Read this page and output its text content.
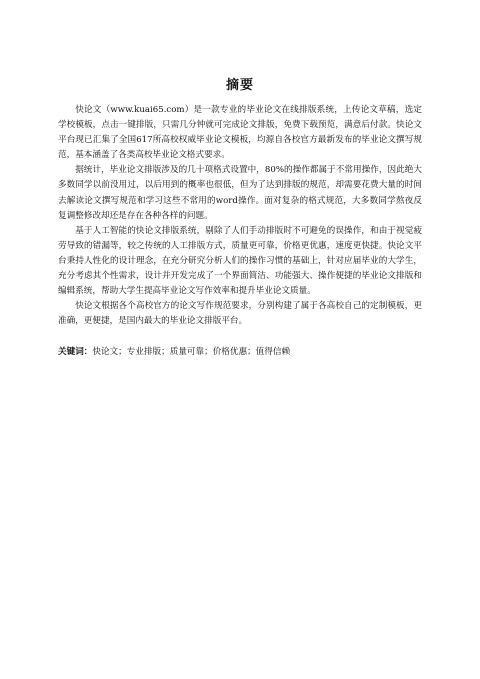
摘要

快论文（www.kuai65.com）是一款专业的毕业论文在线排版系统，上传论文草稿，选定学校模板，点击一键排版，只需几分钟就可完成论文排版，免费下载预览，满意后付款。快论文平台现已汇集了全国617所高校权威毕业论文模板，均源自各校官方最新发布的毕业论文撰写规范，基本涵盖了各类高校毕业论文格式要求。

据统计，毕业论文排版涉及的几十项格式设置中，80%的操作都属于不常用操作，因此绝大多数同学以前没用过，以后用到的概率也很低，但为了达到排版的规范，却需要花费大量的时间去解读论文撰写规范和学习这些不常用的word操作。面对复杂的格式规范，大多数同学熬夜反复调整修改却还是存在各种各样的问题。

基于人工智能的快论文排版系统，剔除了人们手动排版时不可避免的误操作，和由于视觉疲劳导致的错漏等，较之传统的人工排版方式，质量更可靠，价格更优惠，速度更快捷。快论文平台秉持人性化的设计理念，在充分研究分析人们的操作习惯的基础上，针对应届毕业的大学生，充分考虑其个性需求，设计并开发完成了一个界面简洁、功能强大、操作便捷的毕业论文排版和编辑系统，帮助大学生提高毕业论文写作效率和提升毕业论文质量。

快论文根据各个高校官方的论文写作规范要求，分别构建了属于各高校自己的定制模板，更准确，更便捷，是国内最大的毕业论文排版平台。

关键词：快论文；专业排版；质量可靠；价格优惠；值得信赖
